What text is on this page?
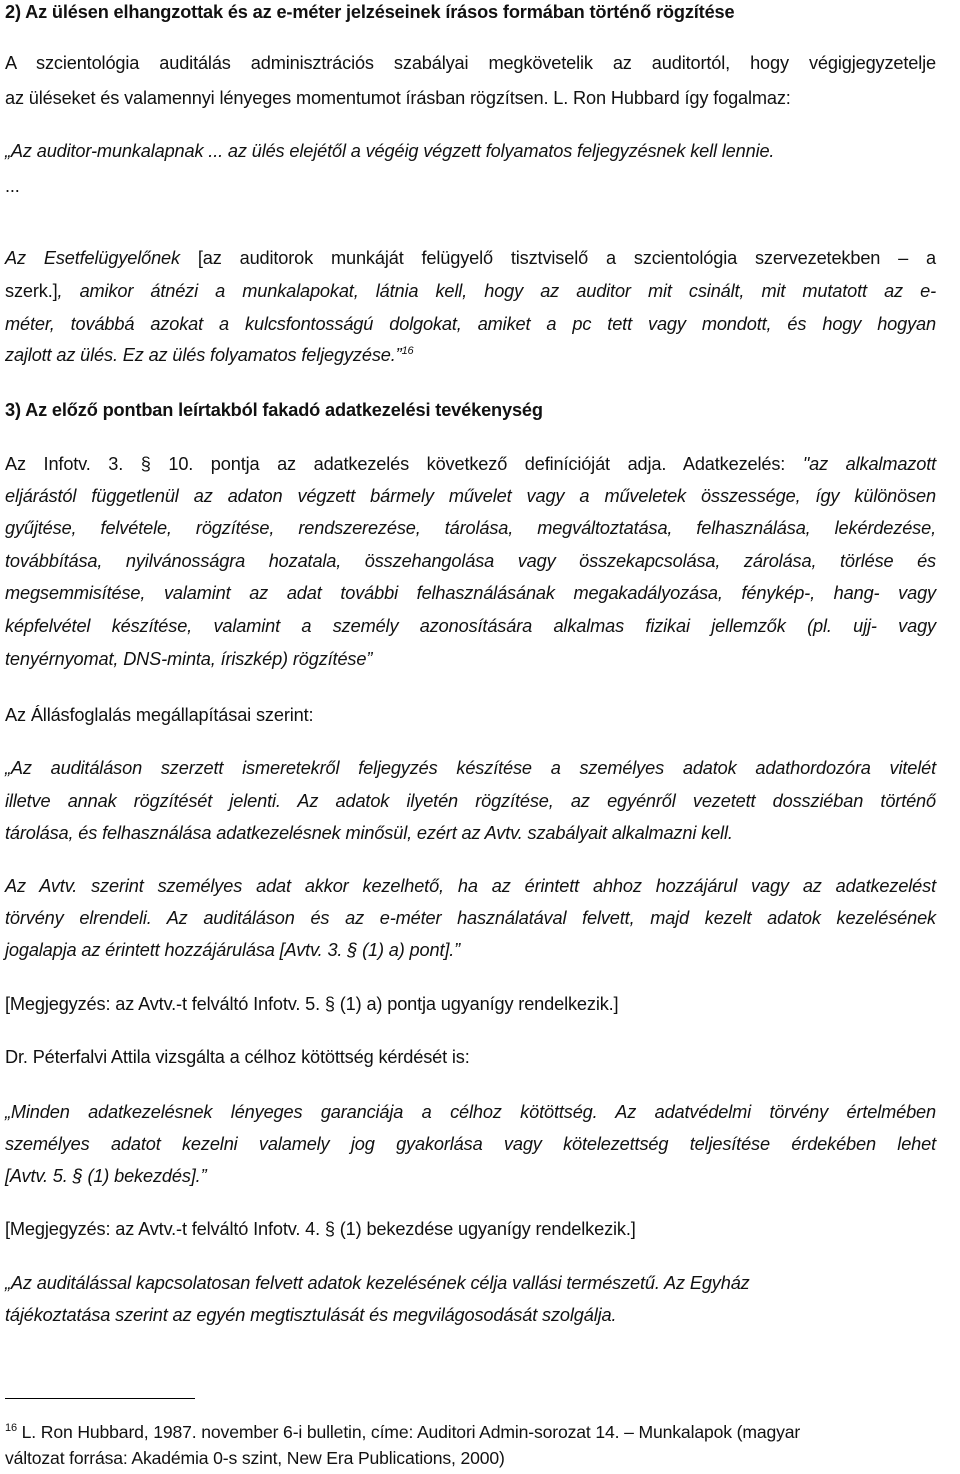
2) Az ülésen elhangzottak és az e-méter jelzéseinek írásos formában történő rögzítése
A szcientológia auditálás adminisztrációs szabályai megkövetelik az auditortól, hogy végigjegyzetelje
az üléseket és valamennyi lényeges momentumot írásban rögzítsen. L. Ron Hubbard így fogalmaz:
„Az auditor-munkalapnak ... az ülés elejétől a végéig végzett folyamatos feljegyzésnek kell lennie.
...
Az Esetfelügyelőnek [az auditorok munkáját felügyelő tisztviselő a szcientológia szervezetekben – a
szerk.], amikor átnézi a munkalapokat, látnia kell, hogy az auditor mit csinált, mit mutatott az e-
méter, továbbá azokat a kulcsfontosságú dolgokat, amiket a pc tett vagy mondott, és hogy hogyan
zajlott az ülés. Ez az ülés folyamatos feljegyzése.”$^{16}$
3) Az előző pontban leírtakból fakadó adatkezelési tevékenység
Az Infotv. 3. § 10. pontja az adatkezelés következő definícióját adja. Adatkezelés: "az alkalmazott
eljárástól függetlenül az adaton végzett bármely művelet vagy a műveletek összessége, így különösen
gyűjtése, felvétele, rögzítése, rendszerezése, tárolása, megváltoztatása, felhasználása, lekérdezése,
továbbítása, nyilvánosságra hozatala, összehangolása vagy összekapcsolása, zárolása, törlése és
megsemmisítése, valamint az adat további felhasználásának megakadályozása, fénykép-, hang- vagy
képfelvétel készítése, valamint a személy azonosítására alkalmas fizikai jellemzők (pl. ujj- vagy
tenyérnyomat, DNS-minta, íriszkép) rögzítése”
Az Állásfoglalás megállapításai szerint:
„Az auditáláson szerzett ismeretekről feljegyzés készítése a személyes adatok adathordozóra vitelét
illetve annak rögzítését jelenti. Az adatok ilyetén rögzítése, az egyénről vezetett dossziéban történő
tárolása, és felhasználása adatkezelésnek minősül, ezért az Avtv. szabályait alkalmazni kell.
Az Avtv. szerint személyes adat akkor kezelhető, ha az érintett ahhoz hozzájárul vagy az adatkezelést
törvény elrendeli. Az auditáláson és az e-méter használatával felvett, majd kezelt adatok kezelésének
jogalapja az érintett hozzájárulása [Avtv. 3. § (1) a) pont].”
[Megjegyzés: az Avtv.-t felváltó Infotv. 5. § (1) a) pontja ugyanígy rendelkezik.]
Dr. Péterfalvi Attila vizsgálta a célhoz kötöttség kérdését is:
„Minden adatkezelésnek lényeges garanciája a célhoz kötöttség. Az adatvédelmi törvény értelmében
személyes adatot kezelni valamely jog gyakorlása vagy kötelezettség teljesítése érdekében lehet
[Avtv. 5. § (1) bekezdés].”
[Megjegyzés: az Avtv.-t felváltó Infotv. 4. § (1) bekezdése ugyanígy rendelkezik.]
„Az auditálással kapcsolatosan felvett adatok kezelésének célja vallási természetű. Az Egyház
tájékoztatása szerint az egyén megtisztulását és megvilágosodását szolgálja.
$^{16}$ L. Ron Hubbard, 1987. november 6-i bulletin, címe: Auditori Admin-sorozat 14. – Munkalapok (magyar
változat forrása: Akadémia 0-s szint, New Era Publications, 2000)
